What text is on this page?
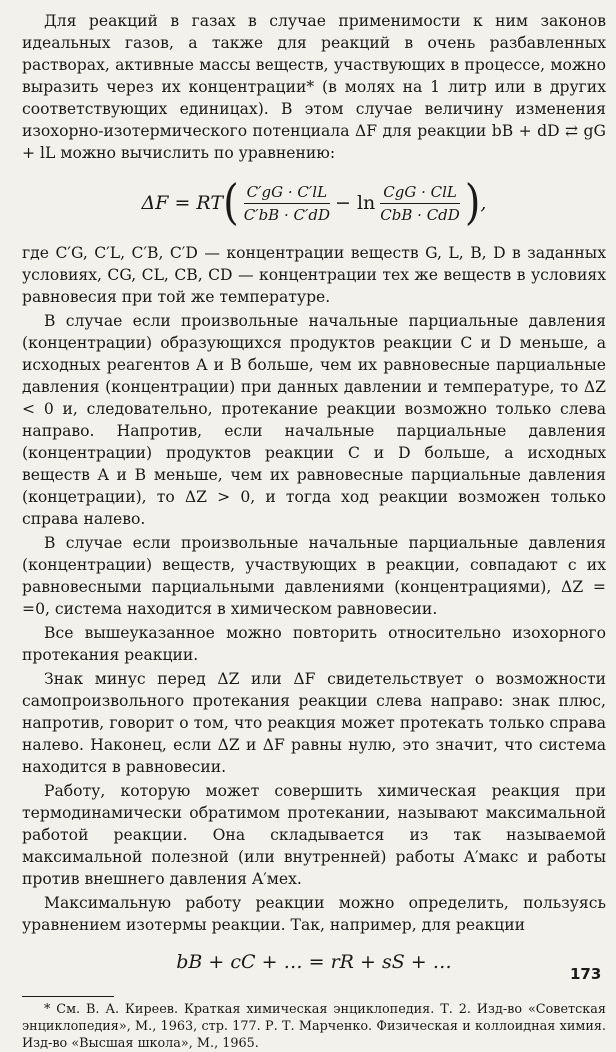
Для реакций в газах в случае применимости к ним законов идеальных газов, а также для реакций в очень разбавленных растворах, активные массы веществ, участвующих в процессе, можно выразить через их концентрации* (в молях на 1 литр или в других соответствующих единицах). В этом случае величину изменения изохорно-изотермического потенциала ΔF для реакции bB + dD ⇄ gG + lL можно вычислить по уравнению:

ΔF = RT ( $\frac{C'gG \cdot C'lL}{C'bB \cdot C'dD} - \ln \frac{\text{CgG · ClL}}{\text{CbB · CdD}}$ ) ,

где C′G, C′L, C′B, C′D — концентрации веществ G, L, B, D в заданных условиях, CG, CL, CB, CD — концентрации тех же веществ в условиях равновесия при той же температуре.

В случае если произвольные начальные парциальные давления (концентрации) образующихся продуктов реакции C и D меньше, а исходных реагентов A и B больше, чем их равновесные парциальные давления (концентрации) при данных давлении и температуре, то ΔZ < 0 и, следовательно, протекание реакции возможно только слева направо. Напротив, если начальные парциальные давления (концентрации) продуктов реакции C и D больше, а исходных веществ A и B меньше, чем их равновесные парциальные давления (концетрации), то ΔZ > 0, и тогда ход реакции возможен только справа налево.

В случае если произвольные начальные парциальные давления (концентрации) веществ, участвующих в реакции, совпадают с их равновесными парциальными давлениями (концентрациями), ΔZ = =0, система находится в химическом равновесии.

Все вышеуказанное можно повторить относительно изохорного протекания реакции.

Знак минус перед ΔZ или ΔF свидетельствует о возможности самопроизвольного протекания реакции слева направо: знак плюс, напротив, говорит о том, что реакция может протекать только справа налево. Наконец, если ΔZ и ΔF равны нулю, это значит, что система находится в равновесии.

Работу, которую может совершить химическая реакция при термодинамически обратимом протекании, называют максимальной работой реакции. Она складывается из так называемой максимальной полезной (или внутренней) работы A′макс и работы против внешнего давления A′мех.

Максимальную работу реакции можно определить, пользуясь уравнением изотермы реакции. Так, например, для реакции

bB + cC + … = rR + sS + …

* См. В. А. Киреев. Краткая химическая энциклопедия. Т. 2. Изд-во «Советская энциклопедия», М., 1963, стр. 177. Р. Т. Марченко. Физическая и коллоидная химия. Изд-во «Высшая школа», М., 1965.

173
